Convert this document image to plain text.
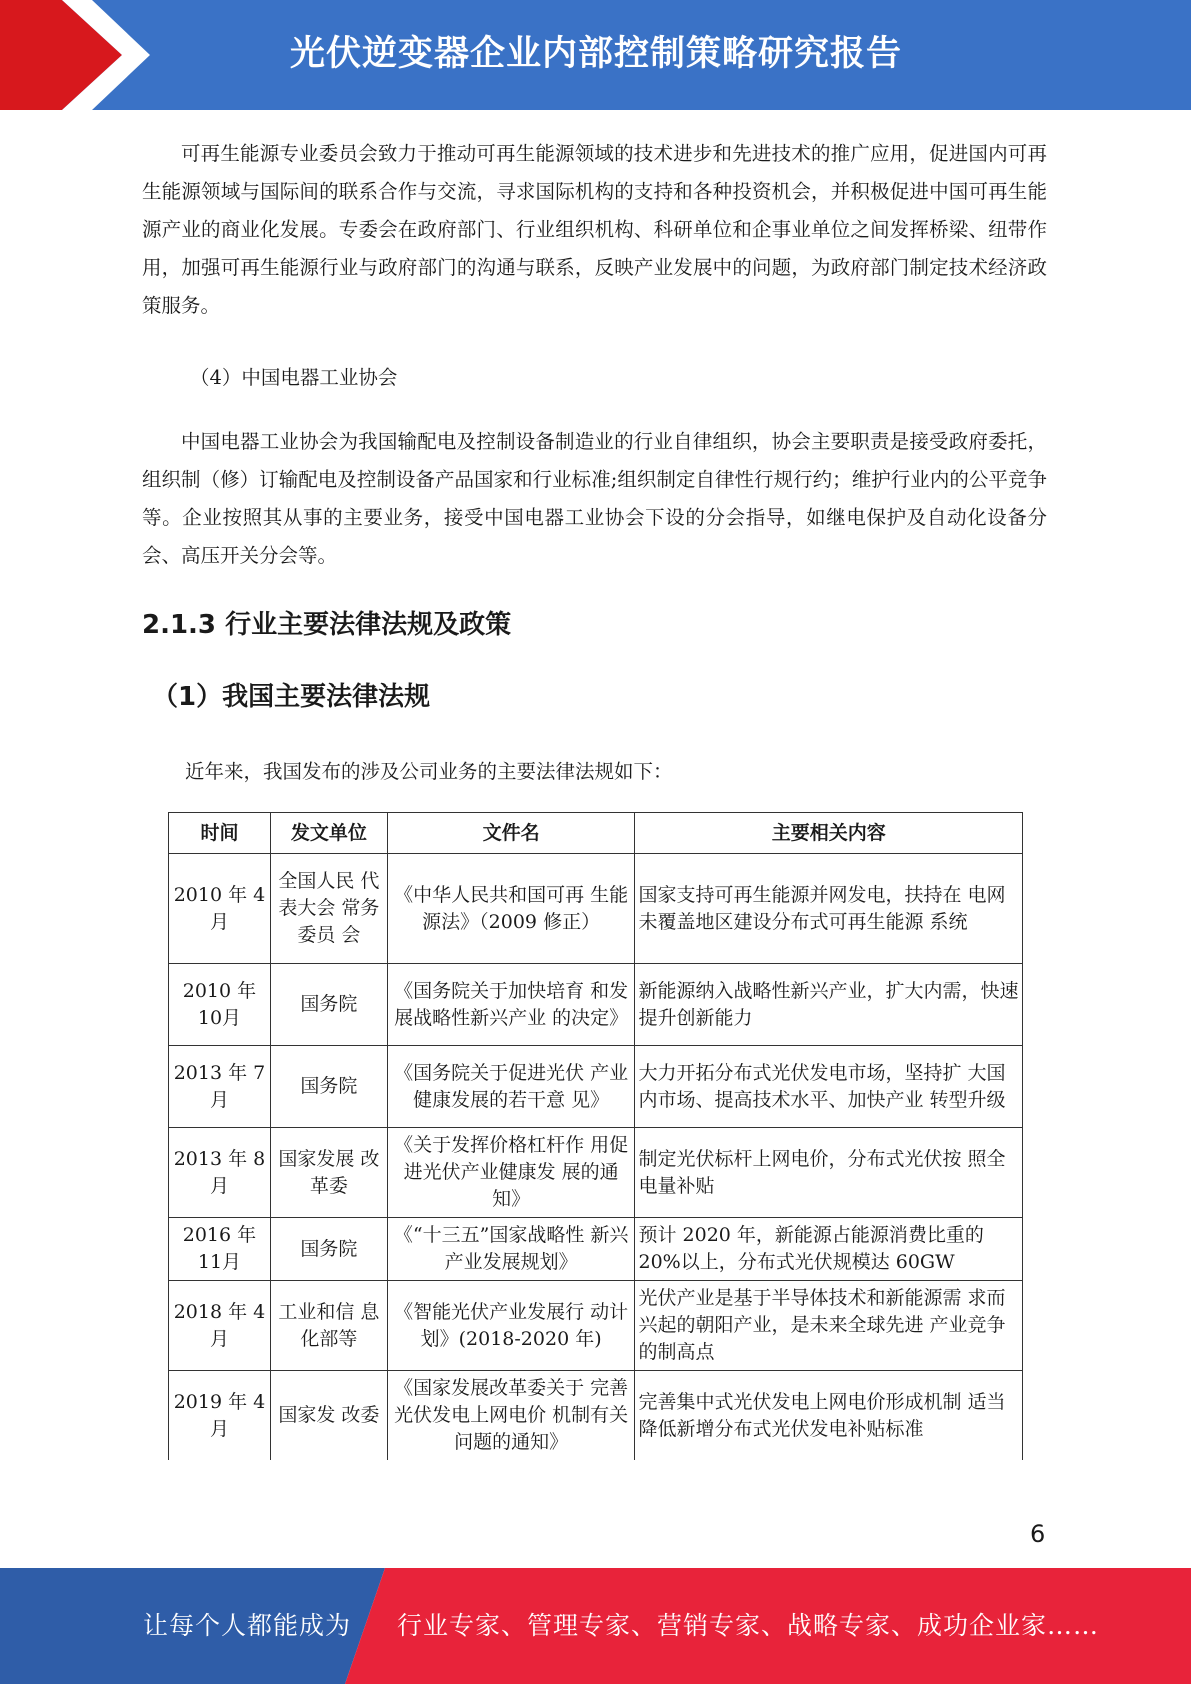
光伏逆变器企业内部控制策略研究报告

可再生能源专业委员会致力于推动可再生能源领域的技术进步和先进技术的推广应用，促进国内可再生能源领域与国际间的联系合作与交流，寻求国际机构的支持和各种投资机会，并积极促进中国可再生能源产业的商业化发展。专委会在政府部门、行业组织机构、科研单位和企事业单位之间发挥桥梁、纽带作用，加强可再生能源行业与政府部门的沟通与联系，反映产业发展中的问题，为政府部门制定技术经济政策服务。

（4）中国电器工业协会

中国电器工业协会为我国输配电及控制设备制造业的行业自律组织，协会主要职责是接受政府委托，组织制（修）订输配电及控制设备产品国家和行业标准;组织制定自律性行规行约；维护行业内的公平竞争等。企业按照其从事的主要业务，接受中国电器工业协会下设的分会指导，如继电保护及自动化设备分会、高压开关分会等。

2.1.3 行业主要法律法规及政策
（1）我国主要法律法规

近年来，我国发布的涉及公司业务的主要法律法规如下：

时间	发文单位	文件名	主要相关内容
2010 年 4月	全国人民 代表大会 常务委员 会	《中华人民共和国可再 生能源法》（2009 修正）	国家支持可再生能源并网发电，扶持在 电网未覆盖地区建设分布式可再生能源 系统
2010 年 10月	国务院	《国务院关于加快培育 和发展战略性新兴产业 的决定》	新能源纳入战略性新兴产业，扩大内需，快速提升创新能力
2013 年 7月	国务院	《国务院关于促进光伏 产业健康发展的若干意 见》	大力开拓分布式光伏发电市场，坚持扩 大国内市场、提高技术水平、加快产业 转型升级
2013 年 8月	国家发展 改革委	《关于发挥价格杠杆作 用促进光伏产业健康发 展的通知》	制定光伏标杆上网电价，分布式光伏按 照全电量补贴
2016 年 11月	国务院	《“十三五”国家战略性 新兴产业发展规划》	预计 2020 年，新能源占能源消费比重的 20%以上，分布式光伏规模达 60GW
2018 年 4月	工业和信 息化部等	《智能光伏产业发展行 动计划》(2018-2020 年)	光伏产业是基于半导体技术和新能源需 求而兴起的朝阳产业，是未来全球先进 产业竞争的制高点
2019 年 4月	国家发 改委	《国家发展改革委关于 完善光伏发电上网电价 机制有关问题的通知》	完善集中式光伏发电上网电价形成机制 适当降低新增分布式光伏发电补贴标准
6
让每个人都能成为 行业专家、管理专家、营销专家、战略专家、成功企业家……
